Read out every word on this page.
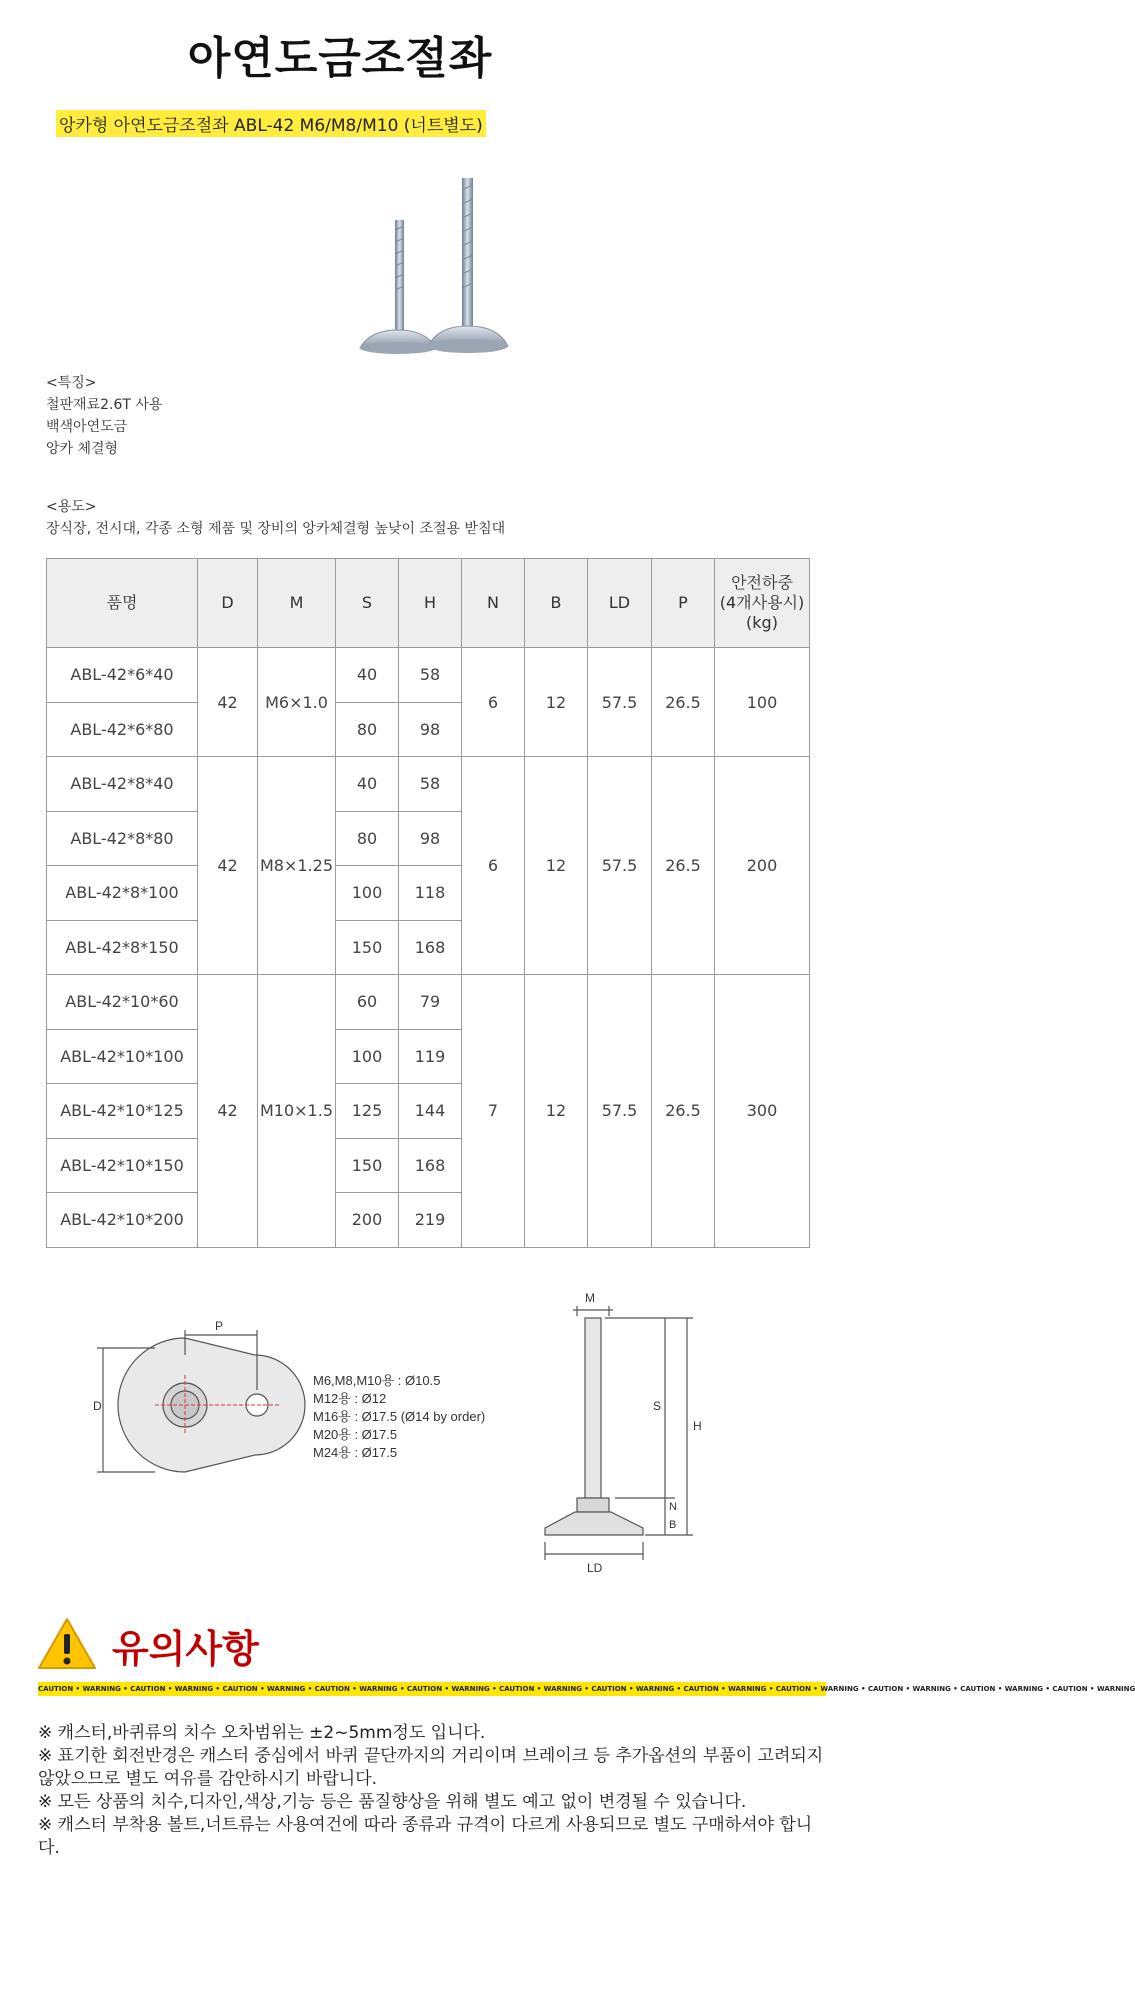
아연도금조절좌
앙카형 아연도금조절좌 ABL-42 M6/M8/M10 (너트별도)
<특징>
철판재료2.6T 사용
백색아연도금
앙카 체결형
<용도>
장식장, 전시대, 각종 소형 제품 및 장비의 앙카체결형 높낮이 조절용 받침대
품명	D	M	S	H	N	B	LD	P	안전하중
(4개사용시)
(kg)
ABL-42*6*40	42	M6×1.0	40	58	6	12	57.5	26.5	100
ABL-42*6*80			80	98					
ABL-42*8*40	42	M8×1.25	40	58	6	12	57.5	26.5	200
ABL-42*8*80			80	98					
ABL-42*8*100			100	118					
ABL-42*8*150			150	168					
ABL-42*10*60	42	M10×1.5	60	79	7	12	57.5	26.5	300
ABL-42*10*100			100	119					
ABL-42*10*125			125	144					
ABL-42*10*150			150	168					
ABL-42*10*200			200	219					
P
D
M6,M8,M10용 : Ø10.5
M12용 : Ø12
M16용 : Ø17.5 (Ø14 by order)
M20용 : Ø17.5
M24용 : Ø17.5
M
S
H
N
B
LD
유의사항
CAUTION • WARNING • CAUTION • WARNING • CAUTION • WARNING • CAUTION • WARNING • CAUTION • WARNING • CAUTION • WARNING • CAUTION • WARNING • CAUTION • WARNING • CAUTION • WARNING • CAUTION • WARNING • CAUTION • WARNING • CAUTION • WARNING

※ 캐스터,바퀴류의 치수 오차범위는 ±2~5mm정도 입니다.

※ 표기한 회전반경은 캐스터 중심에서 바퀴 끝단까지의 거리이며 브레이크 등 추가옵션의 부품이 고려되지 않았으므로 별도 여유를 감안하시기 바랍니다.

※ 모든 상품의 치수,디자인,색상,기능 등은 품질향상을 위해 별도 예고 없이 변경될 수 있습니다.

※ 캐스터 부착용 볼트,너트류는 사용여건에 따라 종류과 규격이 다르게 사용되므로 별도 구매하셔야 합니다.
